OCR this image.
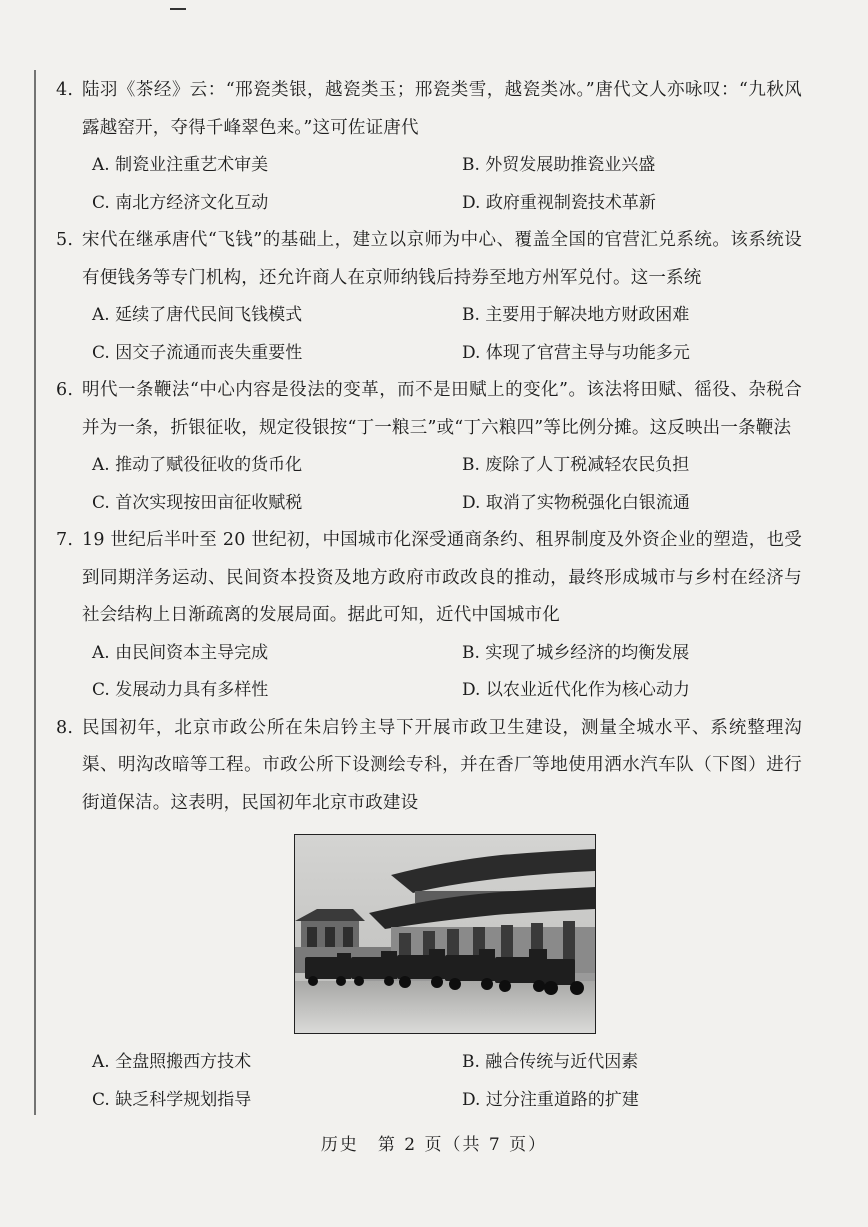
4. 陆羽《茶经》云：“邢瓷类银，越瓷类玉；邢瓷类雪，越瓷类冰。”唐代文人亦咏叹：“九秋风露越窑开，夺得千峰翠色来。”这可佐证唐代
A. 制瓷业注重艺术审美	B. 外贸发展助推瓷业兴盛
C. 南北方经济文化互动	D. 政府重视制瓷技术革新
5. 宋代在继承唐代“飞钱”的基础上，建立以京师为中心、覆盖全国的官营汇兑系统。该系统设有便钱务等专门机构，还允许商人在京师纳钱后持券至地方州军兑付。这一系统
A. 延续了唐代民间飞钱模式	B. 主要用于解决地方财政困难
C. 因交子流通而丧失重要性	D. 体现了官营主导与功能多元
6. 明代一条鞭法“中心内容是役法的变革，而不是田赋上的变化”。该法将田赋、徭役、杂税合并为一条，折银征收，规定役银按“丁一粮三”或“丁六粮四”等比例分摊。这反映出一条鞭法
A. 推动了赋役征收的货币化	B. 废除了人丁税减轻农民负担
C. 首次实现按田亩征收赋税	D. 取消了实物税强化白银流通
7. 19 世纪后半叶至 20 世纪初，中国城市化深受通商条约、租界制度及外资企业的塑造，也受到同期洋务运动、民间资本投资及地方政府市政改良的推动，最终形成城市与乡村在经济与社会结构上日渐疏离的发展局面。据此可知，近代中国城市化
A. 由民间资本主导完成	B. 实现了城乡经济的均衡发展
C. 发展动力具有多样性	D. 以农业近代化作为核心动力
8. 民国初年，北京市政公所在朱启钤主导下开展市政卫生建设，测量全城水平、系统整理沟渠、明沟改暗等工程。市政公所下设测绘专科，并在香厂等地使用洒水汽车队（下图）进行街道保洁。这表明，民国初年北京市政建设
A. 全盘照搬西方技术	B. 融合传统与近代因素
C. 缺乏科学规划指导	D. 过分注重道路的扩建
历史　第 2 页（共 7 页）
